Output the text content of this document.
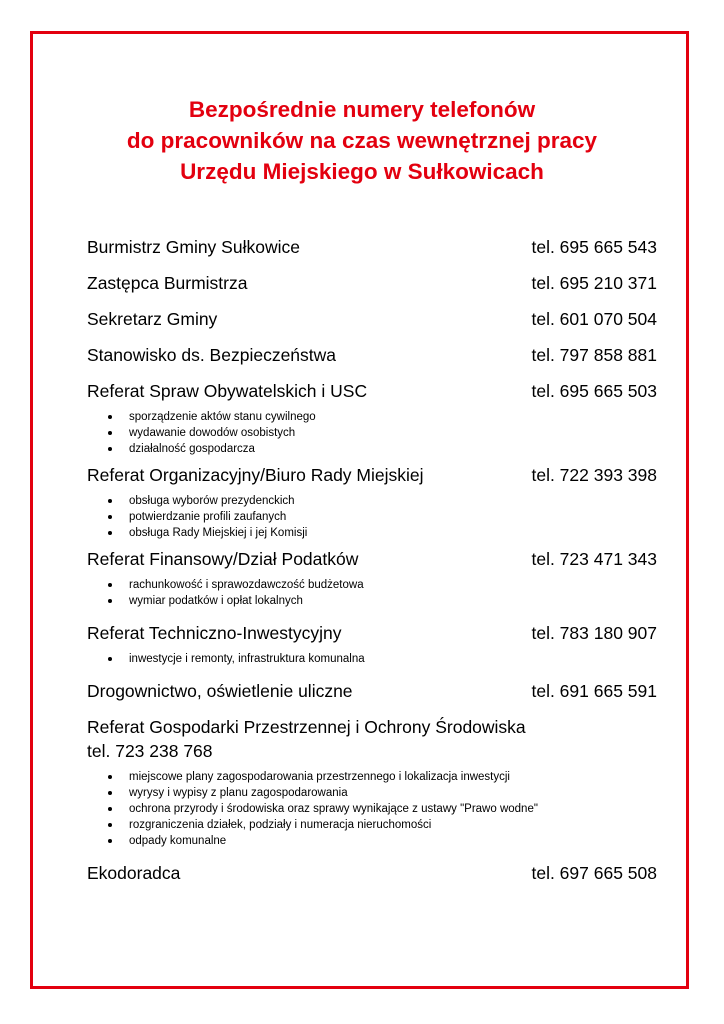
Bezpośrednie numery telefonów
do pracowników na czas wewnętrznej pracy
Urzędu Miejskiego w Sułkowicach
Burmistrz Gminy Sułkowice	tel. 695 665 543
Zastępca Burmistrza	tel. 695 210 371
Sekretarz Gminy	tel. 601 070 504
Stanowisko ds. Bezpieczeństwa	tel. 797 858 881
Referat Spraw Obywatelskich i USC	tel. 695 665 503
sporządzenie aktów stanu cywilnego
wydawanie dowodów osobistych
działalność gospodarcza
Referat Organizacyjny/Biuro Rady Miejskiej	tel. 722 393 398
obsługa wyborów prezydenckich
potwierdzanie profili zaufanych
obsługa Rady Miejskiej i jej Komisji
Referat Finansowy/Dział Podatków	tel. 723 471 343
rachunkowość i sprawozdawczość budżetowa
wymiar podatków i opłat lokalnych
Referat Techniczno-Inwestycyjny	tel. 783 180 907
inwestycje i remonty, infrastruktura komunalna
Drogownictwo, oświetlenie uliczne	tel. 691 665 591
Referat Gospodarki Przestrzennej i Ochrony Środowiska
tel. 723 238 768
miejscowe plany zagospodarowania przestrzennego i lokalizacja inwestycji
wyrysy i wypisy z planu zagospodarowania
ochrona przyrody i środowiska oraz sprawy wynikające z ustawy "Prawo wodne"
rozgraniczenia działek, podziały i numeracja nieruchomości
odpady komunalne
Ekodoradca	tel. 697 665 508
